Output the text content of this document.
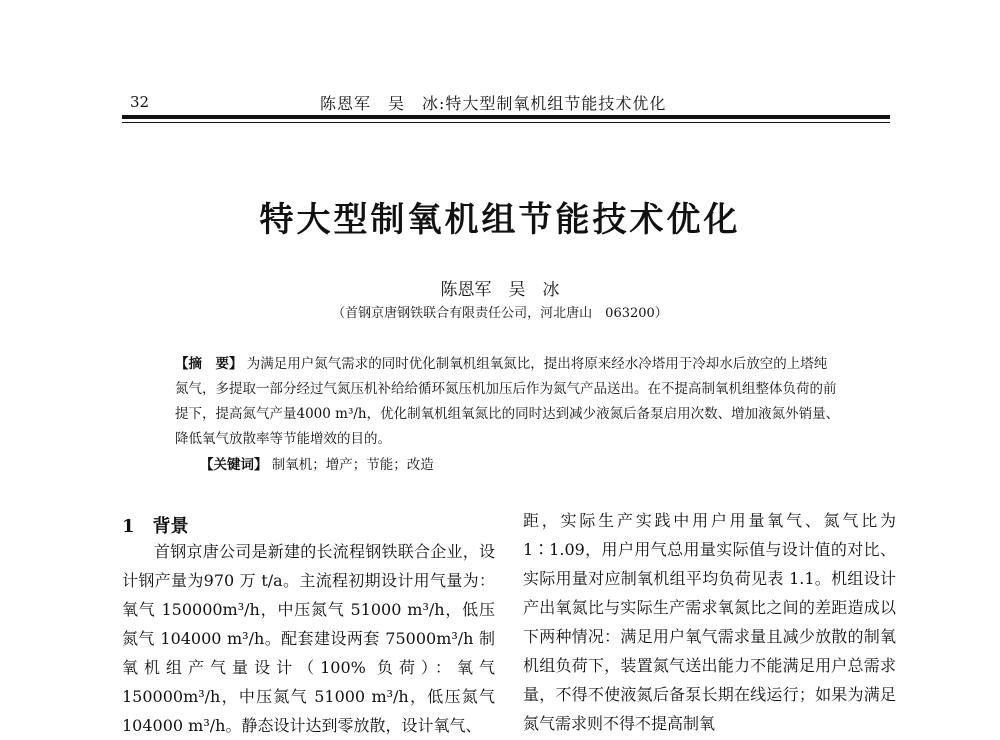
32	陈恩军　吴　冰:特大型制氧机组节能技术优化
特大型制氧机组节能技术优化
陈恩军　吴　冰
（首钢京唐钢铁联合有限责任公司，河北唐山　063200）

【摘　要】 为满足用户氮气需求的同时优化制氧机组氧氮比，提出将原来经水冷塔用于冷却水后放空的上塔纯氮气，多提取一部分经过气氮压机补给给循环氮压机加压后作为氮气产品送出。在不提高制氧机组整体负荷的前提下，提高氮气产量4000 m³/h，优化制氧机组氧氮比的同时达到减少液氮后备泵启用次数、增加液氮外销量、降低氧气放散率等节能增效的目的。

【关键词】 制氧机；增产；节能；改造
1　背景

首钢京唐公司是新建的长流程钢铁联合企业，设计钢产量为970 万 t/a。主流程初期设计用气量为：氧气 150000m³/h，中压氮气 51000 m³/h，低压氮气 104000 m³/h。配套建设两套 75000m³/h 制氧机组产气量设计（100% 负荷）：氧气 150000m³/h，中压氮气 51000 m³/h，低压氮气 104000 m³/h。静态设计达到零放散，设计氧气、

距，实际生产实践中用户用量氧气、氮气比为 1∶1.09，用户用气总用量实际值与设计值的对比、实际用量对应制氧机组平均负荷见表 1.1。机组设计产出氧氮比与实际生产需求氧氮比之间的差距造成以下两种情况：满足用户氧气需求量且减少放散的制氧机组负荷下，装置氮气送出能力不能满足用户总需求量，不得不使液氮后备泵长期在线运行；如果为满足氮气需求则不得不提高制氧
